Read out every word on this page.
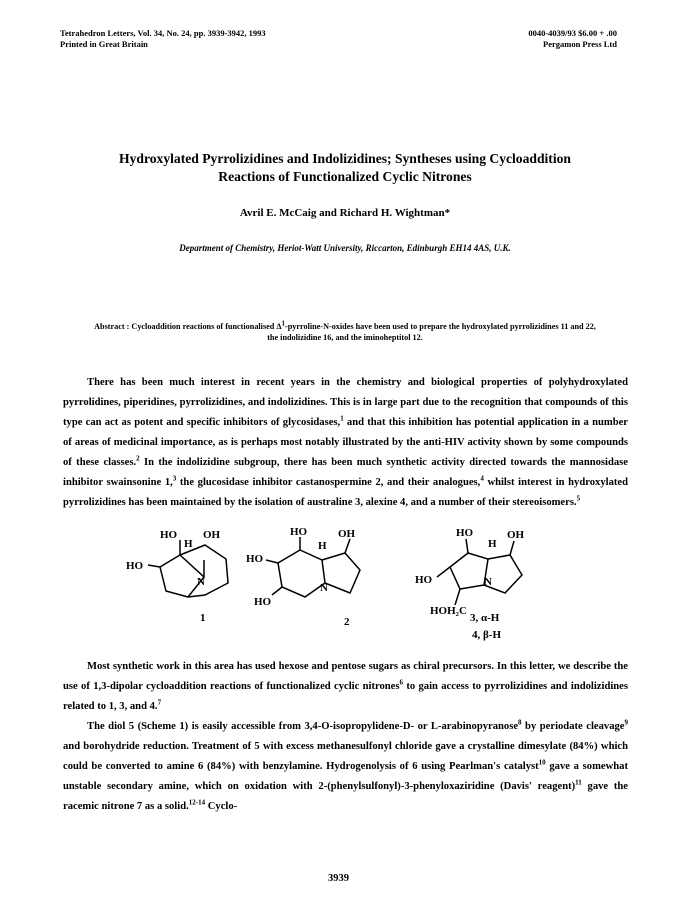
Tetrahedron Letters, Vol. 34, No. 24, pp. 3939-3942, 1993
Printed in Great Britain
0040-4039/93 $6.00 + .00
Pergamon Press Ltd
Hydroxylated Pyrrolizidines and Indolizidines; Syntheses using Cycloaddition
Reactions of Functionalized Cyclic Nitrones
Avril E. McCaig and Richard H. Wightman*
Department of Chemistry, Heriot-Watt University, Riccarton, Edinburgh EH14 4AS, U.K.
Abstract : Cycloaddition reactions of functionalised $\Delta^1-pyrroline-N$-oxides have been used to prepare the hydroxylated pyrrolizidines 11 and 22, the indolizidine 16, and the iminoheptitol 12.

There has been much interest in recent years in the chemistry and biological properties of polyhydroxylated pyrrolidines, piperidines, pyrrolizidines, and indolizidines. This is in large part due to the recognition that compounds of this type can act as potent and specific inhibitors of glycosidases,$^1$ and that this inhibition has potential application in a number of areas of medicinal importance, as is perhaps most notably illustrated by the anti-HIV activity shown by some compounds of these classes.$^2$ In the indolizidine subgroup, there has been much synthetic activity directed towards the mannosidase inhibitor swainsonine 1,$^3$ the glucosidase inhibitor castanospermine 2, and their analogues,$^4$ whilst interest in hydroxylated pyrrolizidines has been maintained by the isolation of australine 3, alexine 4, and a number of their stereoisomers.$^5$

HO
H
OH
HO
N
1
HO
H
OH
HO
HO
N
2
HO
H
OH
HO	N
HOH₂C
3, α-H
4, β-H

Most synthetic work in this area has used hexose and pentose sugars as chiral precursors. In this letter, we describe the use of 1,3-dipolar cycloaddition reactions of functionalized cyclic nitrones$^6$ to gain access to pyrrolizidines and indolizidines related to 1, 3, and 4.$^7$

The diol 5 (Scheme 1) is easily accessible from 3,4-O-isopropylidene-D- or L-arabinopyranose$^8$ by periodate cleavage$^9$ and borohydride reduction. Treatment of 5 with excess methanesulfonyl chloride gave a crystalline dimesylate (84%) which could be converted to amine 6 (84%) with benzylamine. Hydrogenolysis of 6 using Pearlman's catalyst$^{10}$ gave a somewhat unstable secondary amine, which on oxidation with 2-(phenylsulfonyl)-3-phenyloxaziridine (Davis' reagent)$^{11}$ gave the racemic nitrone 7 as a solid.$^{12-14}$ Cyclo-

3939
